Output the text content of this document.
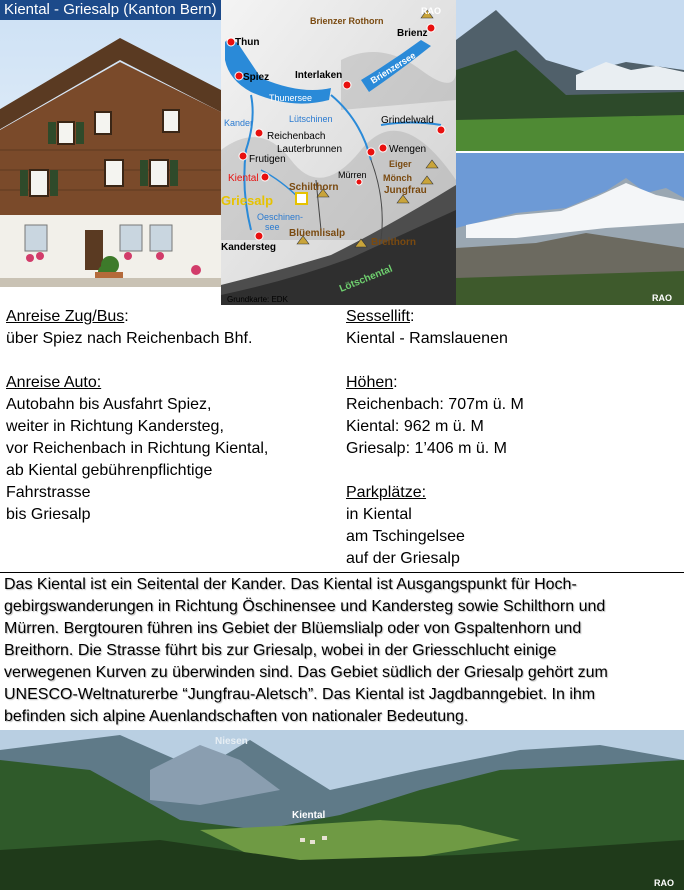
Kiental - Griesalp (Kanton Bern)
Thun
Spiez	Interlaken
Brienz
Brienzer Rothorn
Brienzersee
Thunersee
Kander	Lütschinen
Reichenbach
Grindelwald
Lauterbrunnen
Frutigen
Wengen
Kiental	Mürren
Eiger
Mönch
Schilthorn
Griesalp
Jungfrau
Oeschinen-
see
Blüemlisalp
Kandersteg	Breithorn
Lötschental
Grundkarte: EDK
RAO
RAO
Anreise Zug/Bus:
über Spiez nach Reichenbach Bhf.
Anreise Auto:
Autobahn bis Ausfahrt Spiez,
weiter in Richtung Kandersteg,
vor Reichenbach in Richtung Kiental,
ab Kiental gebührenpflichtige
Fahrstrasse
bis Griesalp
Sessellift:
Kiental - Ramslauenen
Höhen:
Reichenbach: 707m ü. M
Kiental: 962 m ü. M
Griesalp: 1’406 m ü. M
Parkplätze:
in Kiental
am Tschingelsee
auf der Griesalp
Das Kiental ist ein Seitental der Kander. Das Kiental ist Ausgangspunkt für Hoch-
gebirgswanderungen in Richtung Öschinensee und Kandersteg sowie Schilthorn und
Mürren. Bergtouren führen ins Gebiet der Blüemslialp oder von Gspaltenhorn und
Breithorn. Die Strasse führt bis zur Griesalp, wobei in der Griesschlucht einige
verwegenen Kurven zu überwinden sind. Das Gebiet südlich der Griesalp gehört zum
UNESCO-Weltnaturerbe “Jungfrau-Aletsch”. Das Kiental ist Jagdbanngebiet. In ihm
befinden sich alpine Auenlandschaften von nationaler Bedeutung.
Niesen
Kiental
RAO
